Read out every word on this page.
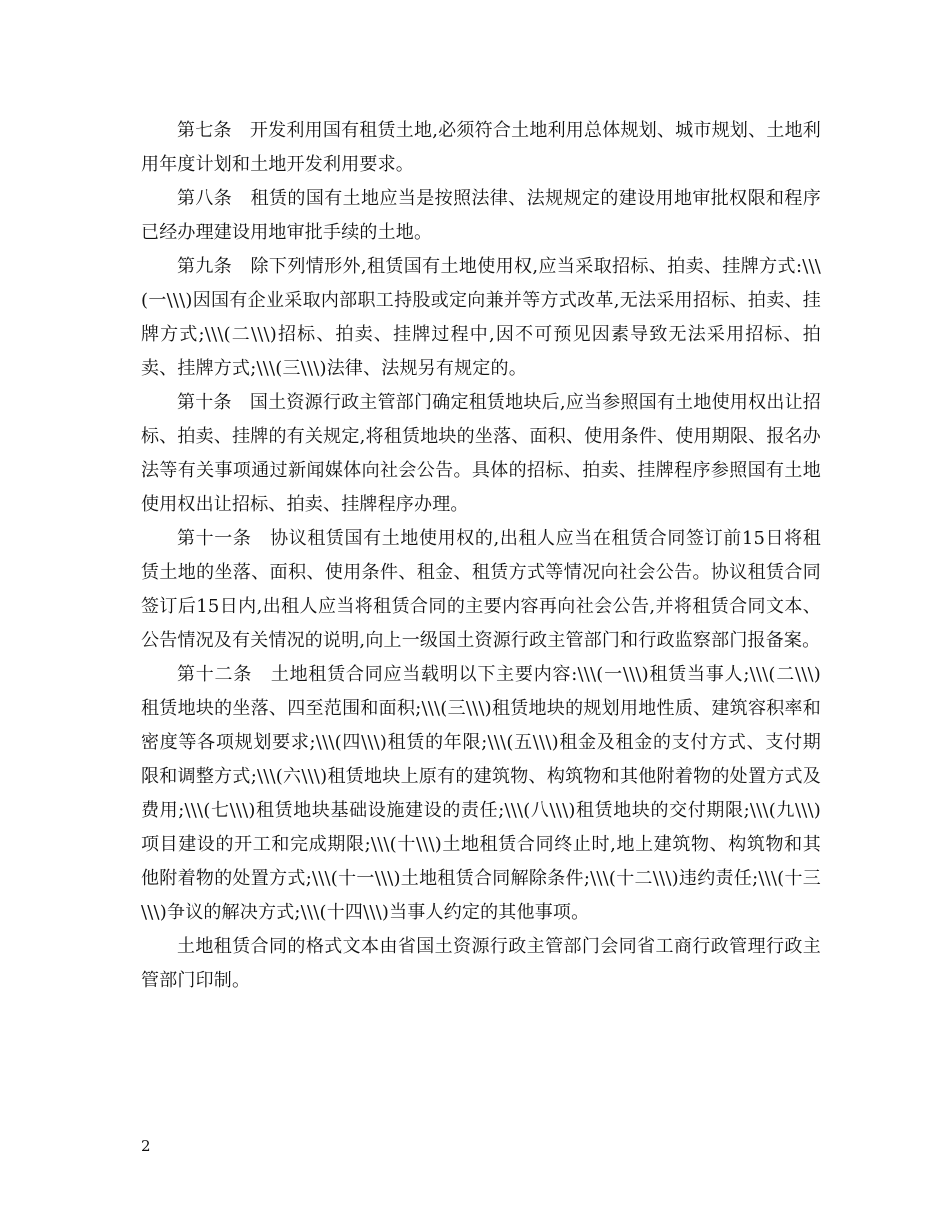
第七条　开发利用国有租赁土地,必须符合土地利用总体规划、城市规划、土地利用年度计划和土地开发利用要求。

第八条　租赁的国有土地应当是按照法律、法规规定的建设用地审批权限和程序已经办理建设用地审批手续的土地。

第九条　除下列情形外,租赁国有土地使用权,应当采取招标、拍卖、挂牌方式:\\\(一\\\)因国有企业采取内部职工持股或定向兼并等方式改革,无法采用招标、拍卖、挂牌方式;\\\(二\\\)招标、拍卖、挂牌过程中,因不可预见因素导致无法采用招标、拍卖、挂牌方式;\\\(三\\\)法律、法规另有规定的。

第十条　国土资源行政主管部门确定租赁地块后,应当参照国有土地使用权出让招标、拍卖、挂牌的有关规定,将租赁地块的坐落、面积、使用条件、使用期限、报名办法等有关事项通过新闻媒体向社会公告。具体的招标、拍卖、挂牌程序参照国有土地使用权出让招标、拍卖、挂牌程序办理。

第十一条　协议租赁国有土地使用权的,出租人应当在租赁合同签订前15日将租赁土地的坐落、面积、使用条件、租金、租赁方式等情况向社会公告。协议租赁合同签订后15日内,出租人应当将租赁合同的主要内容再向社会公告,并将租赁合同文本、公告情况及有关情况的说明,向上一级国土资源行政主管部门和行政监察部门报备案。

第十二条　土地租赁合同应当载明以下主要内容:\\\(一\\\)租赁当事人;\\\(二\\\)租赁地块的坐落、四至范围和面积;\\\(三\\\)租赁地块的规划用地性质、建筑容积率和密度等各项规划要求;\\\(四\\\)租赁的年限;\\\(五\\\)租金及租金的支付方式、支付期限和调整方式;\\\(六\\\)租赁地块上原有的建筑物、构筑物和其他附着物的处置方式及费用;\\\(七\\\)租赁地块基础设施建设的责任;\\\(八\\\)租赁地块的交付期限;\\\(九\\\)项目建设的开工和完成期限;\\\(十\\\)土地租赁合同终止时,地上建筑物、构筑物和其他附着物的处置方式;\\\(十一\\\)土地租赁合同解除条件;\\\(十二\\\)违约责任;\\\(十三\\\)争议的解决方式;\\\(十四\\\)当事人约定的其他事项。

土地租赁合同的格式文本由省国土资源行政主管部门会同省工商行政管理行政主管部门印制。

2
